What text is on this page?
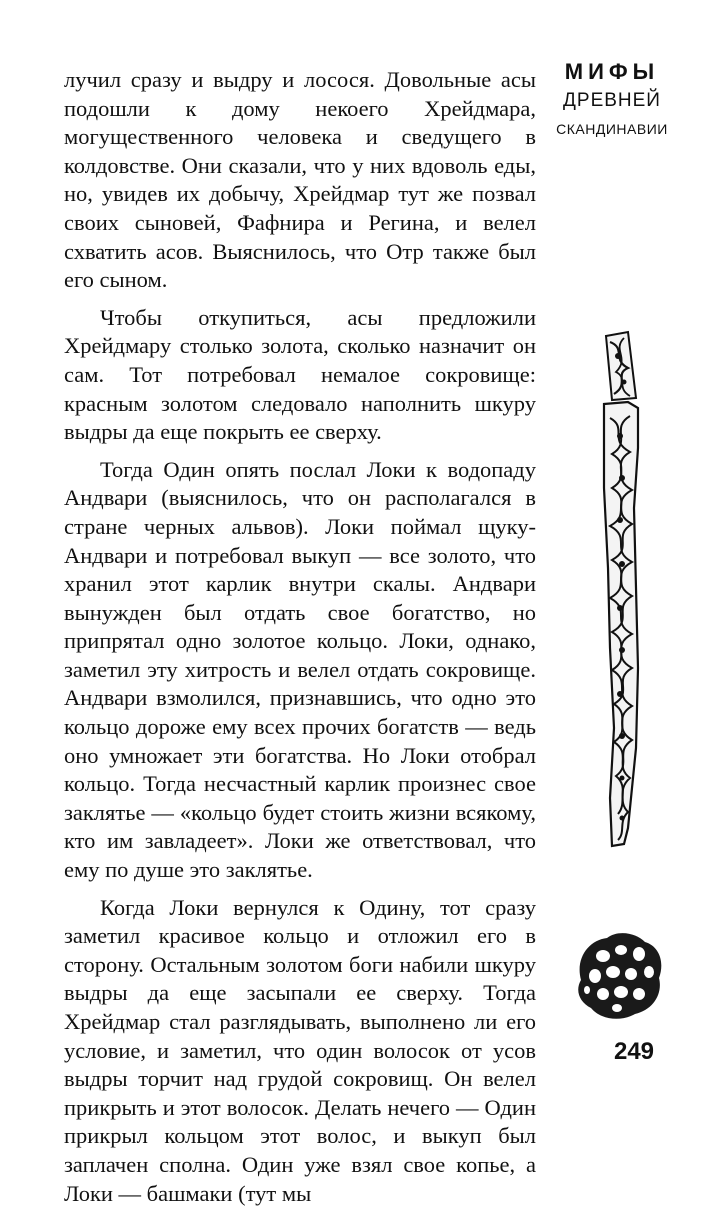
лучил сразу и выдру и лосося. Довольные асы подошли к дому некоего Хрейдмара, могущественного человека и сведущего в колдовстве. Они сказали, что у них вдоволь еды, но, увидев их добычу, Хрейдмар тут же позвал своих сыновей, Фафнира и Регина, и велел схватить асов. Выяснилось, что Отр также был его сыном.

Чтобы откупиться, асы предложили Хрейдмару столько золота, сколько назначит он сам. Тот потребовал немалое сокровище: красным золотом следовало наполнить шкуру выдры да еще покрыть ее сверху.

Тогда Один опять послал Локи к водопаду Андвари (выяснилось, что он располагался в стране черных альвов). Локи поймал щуку-Андвари и потребовал выкуп — все золото, что хранил этот карлик внутри скалы. Андвари вынужден был отдать свое богатство, но припрятал одно золотое кольцо. Локи, однако, заметил эту хитрость и велел отдать сокровище. Андвари взмолился, признавшись, что одно это кольцо дороже ему всех прочих богатств — ведь оно умножает эти богатства. Но Локи отобрал кольцо. Тогда несчастный карлик произнес свое заклятье — «кольцо будет стоить жизни всякому, кто им завладеет». Локи же ответствовал, что ему по душе это заклятье.

Когда Локи вернулся к Одину, тот сразу заметил красивое кольцо и отложил его в сторону. Остальным золотом боги набили шкуру выдры да еще засыпали ее сверху. Тогда Хрейдмар стал разглядывать, выполнено ли его условие, и заметил, что один волосок от усов выдры торчит над грудой сокровищ. Он велел прикрыть и этот волосок. Делать нечего — Один прикрыл кольцом этот волос, и выкуп был заплачен сполна. Один уже взял свое копье, а Локи — башмаки (тут мы

МИФЫ
ДРЕВНЕЙ
СКАНДИНАВИИ
249
